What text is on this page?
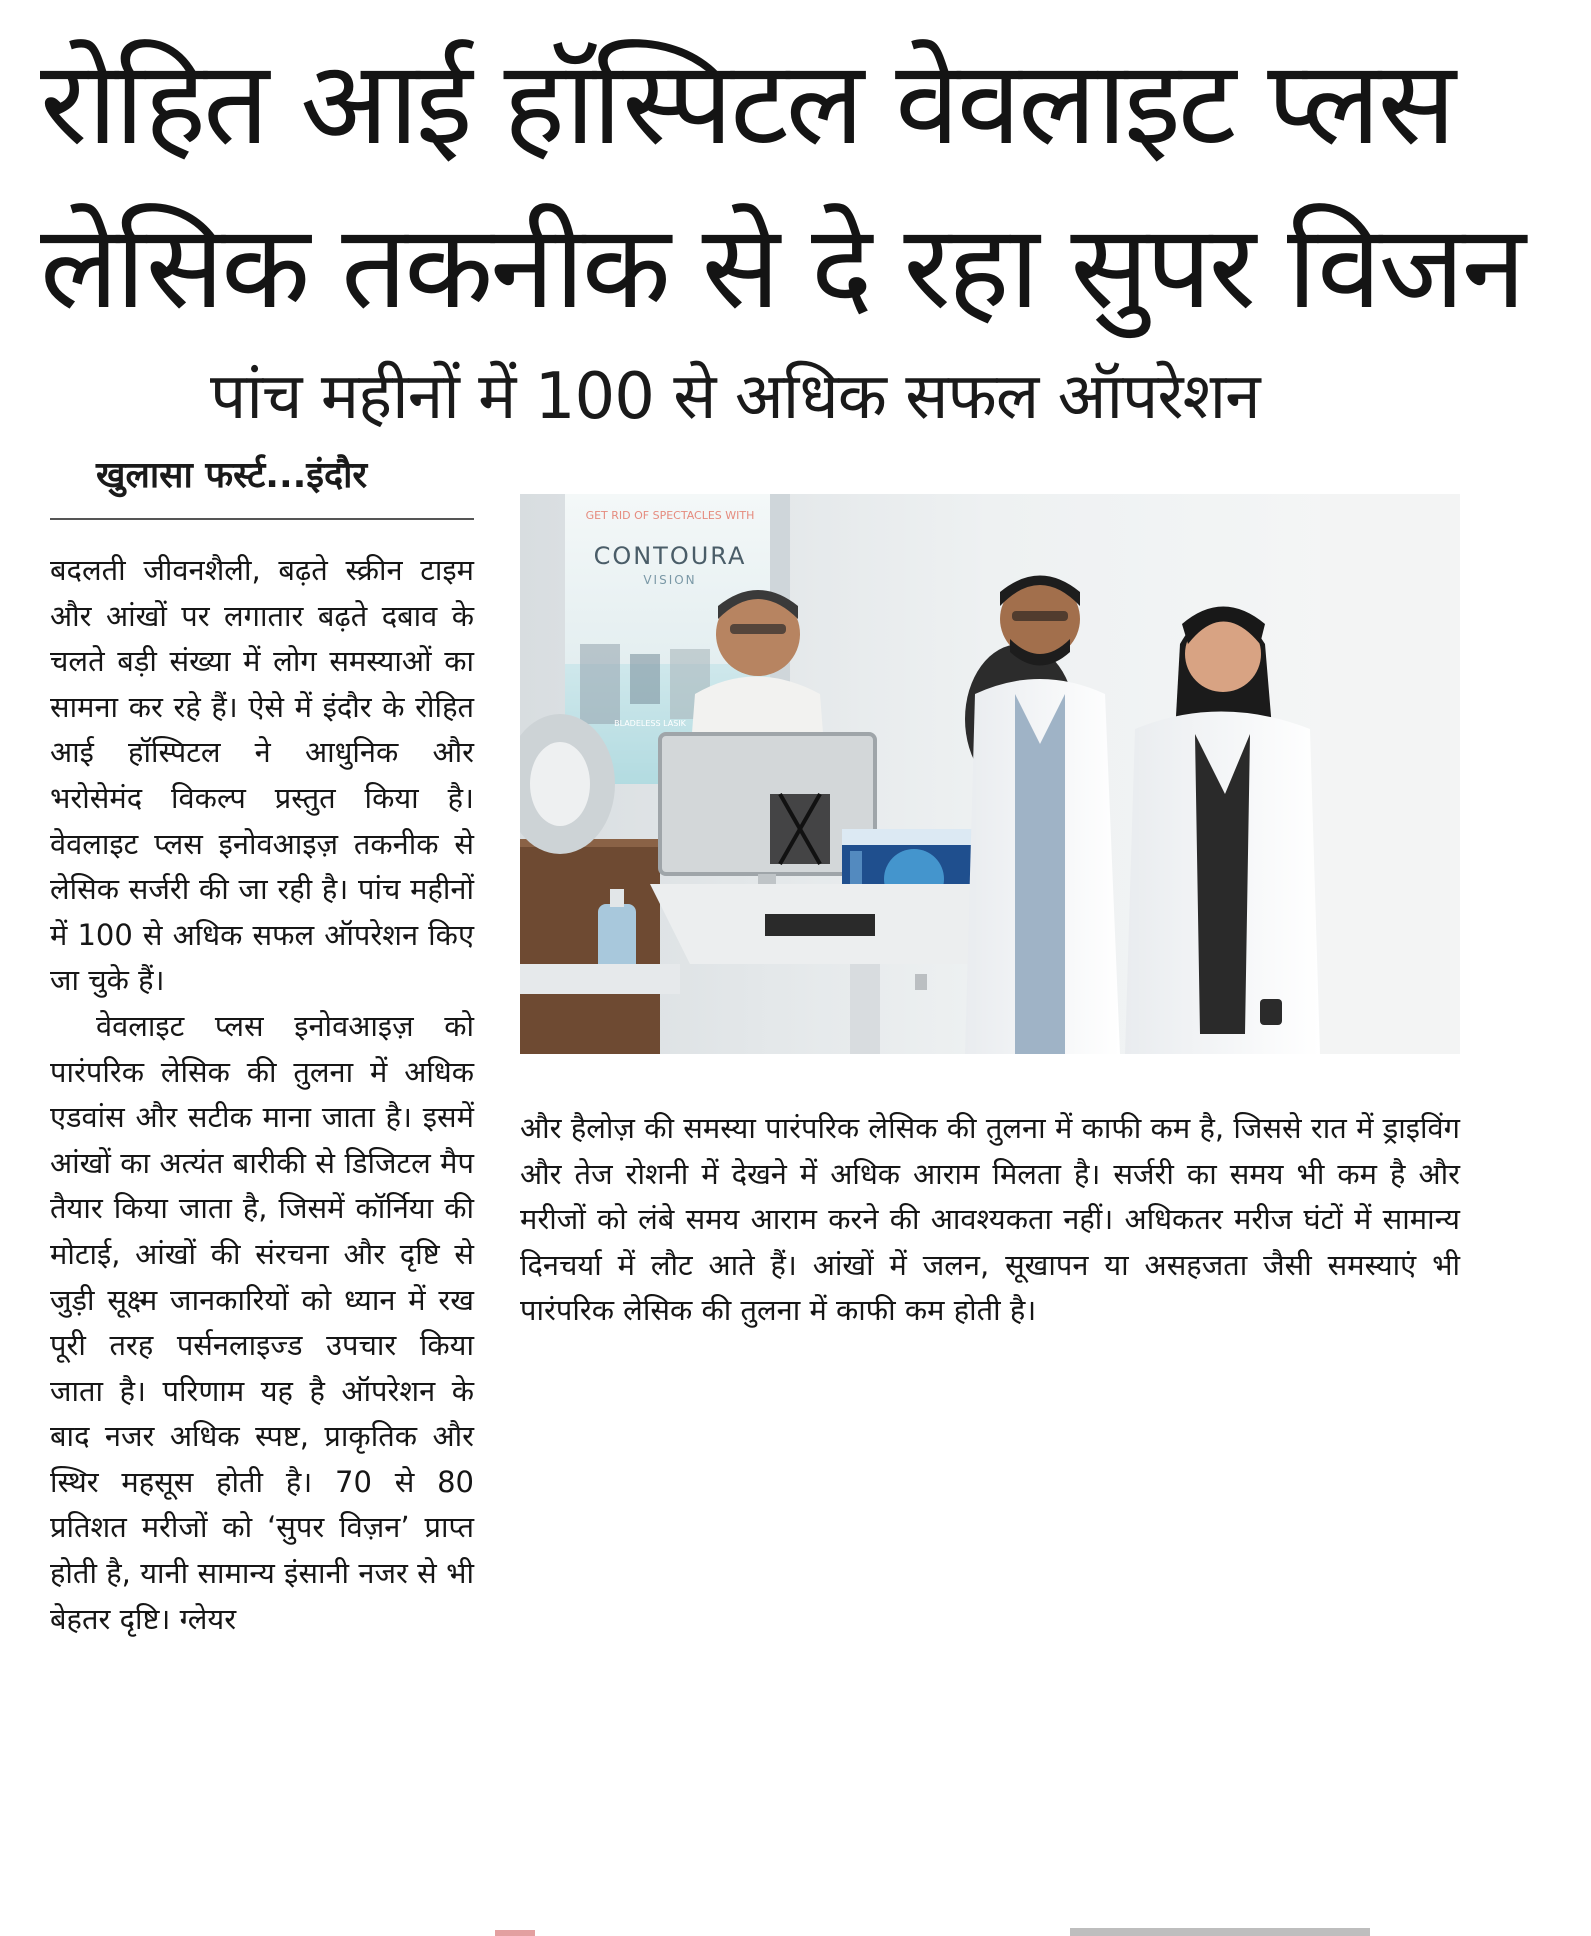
रोहित आई हॉस्पिटल वेवलाइट प्लस
लेसिक तकनीक से दे रहा सुपर विजन
पांच महीनों में 100 से अधिक सफल ऑपरेशन
खुलासा फर्स्ट...इंदौर

बदलती जीवनशैली, बढ़ते स्क्रीन टाइम और आंखों पर लगातार बढ़ते दबाव के चलते बड़ी संख्या में लोग समस्याओं का सामना कर रहे हैं। ऐसे में इंदौर के रोहित आई हॉस्पिटल ने आधुनिक और भरोसेमंद विकल्प प्रस्तुत किया है। वेवलाइट प्लस इनोवआइज़ तकनीक से लेसिक सर्जरी की जा रही है। पांच महीनों में 100 से अधिक सफल ऑपरेशन किए जा चुके हैं।

वेवलाइट प्लस इनोवआइज़ को पारंपरिक लेसिक की तुलना में अधिक एडवांस और सटीक माना जाता है। इसमें आंखों का अत्यंत बारीकी से डिजिटल मैप तैयार किया जाता है, जिसमें कॉर्निया की मोटाई, आंखों की संरचना और दृष्टि से जुड़ी सूक्ष्म जानकारियों को ध्यान में रख पूरी तरह पर्सनलाइज्ड उपचार किया जाता है। परिणाम यह है ऑपरेशन के बाद नजर अधिक स्पष्ट, प्राकृतिक और स्थिर महसूस होती है। 70 से 80 प्रतिशत मरीजों को ‘सुपर विज़न’ प्राप्त होती है, यानी सामान्य इंसानी नजर से भी बेहतर दृष्टि। ग्लेयर

GET RID OF SPECTACLES WITH
CONTOURA
VISION
BLADELESS LASIK

और हैलोज़ की समस्या पारंपरिक लेसिक की तुलना में काफी कम है, जिससे रात में ड्राइविंग और तेज रोशनी में देखने में अधिक आराम मिलता है। सर्जरी का समय भी कम है और मरीजों को लंबे समय आराम करने की आवश्यकता नहीं। अधिकतर मरीज घंटों में सामान्य दिनचर्या में लौट आते हैं। आंखों में जलन, सूखापन या असहजता जैसी समस्याएं भी पारंपरिक लेसिक की तुलना में काफी कम होती है।
